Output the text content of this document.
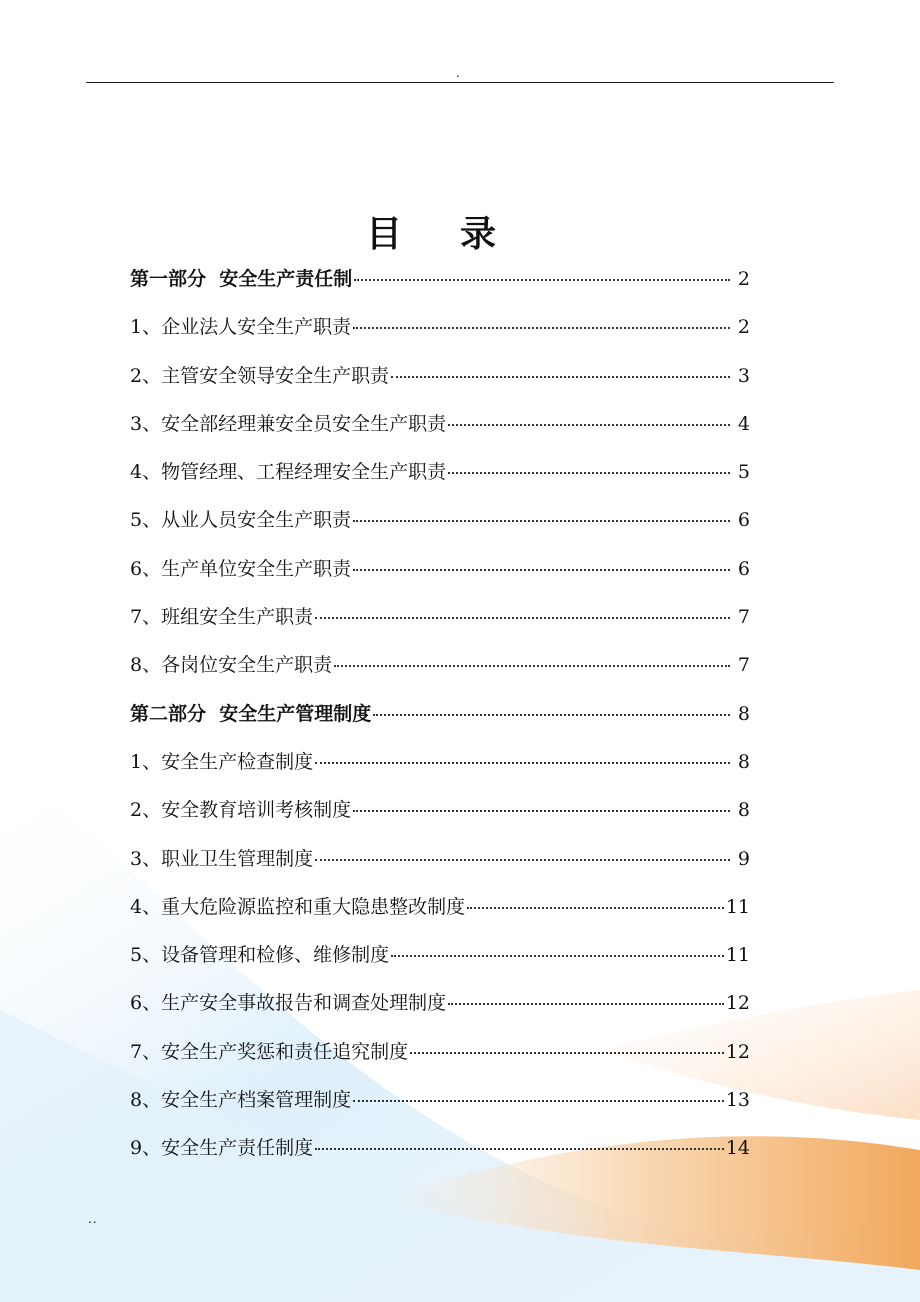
.
目录
第一部分  安全生产责任制	2
1、企业法人安全生产职责	2
2、主管安全领导安全生产职责	3
3、安全部经理兼安全员安全生产职责	4
4、物管经理、工程经理安全生产职责	5
5、从业人员安全生产职责	6
6、生产单位安全生产职责	6
7、班组安全生产职责	7
8、各岗位安全生产职责	7
第二部分  安全生产管理制度	8
1、安全生产检查制度	8
2、安全教育培训考核制度	8
3、职业卫生管理制度	9
4、重大危险源监控和重大隐患整改制度	11
5、设备管理和检修、维修制度	11
6、生产安全事故报告和调查处理制度	12
7、安全生产奖惩和责任追究制度	12
8、安全生产档案管理制度	13
9、安全生产责任制度	14
..
